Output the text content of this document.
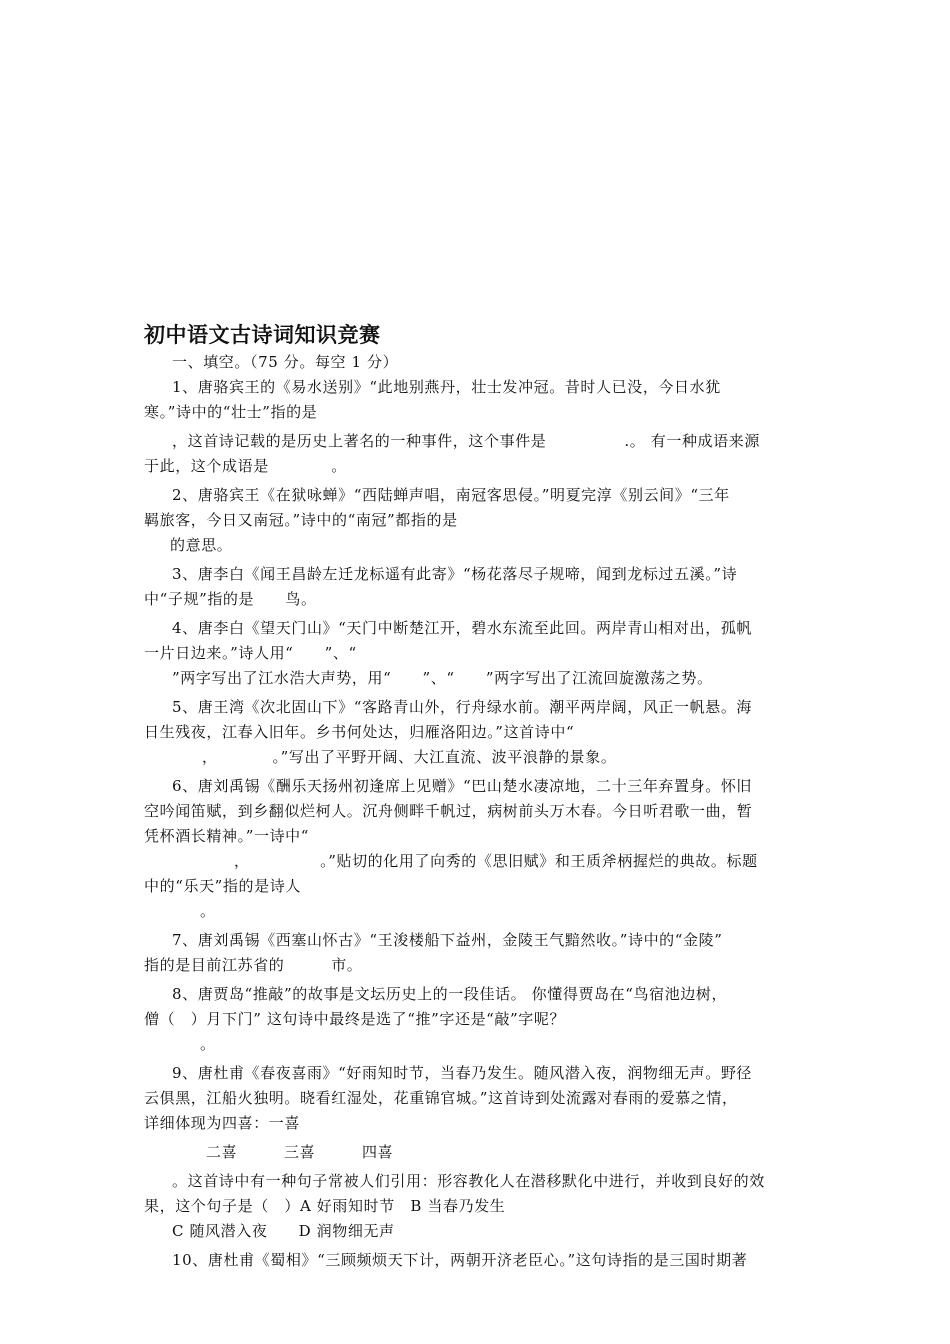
初中语文古诗词知识竞赛
一、填空。（75 分。每空 1 分）
1、唐骆宾王的《易水送别》“此地别燕丹，壮士发冲冠。昔时人已没，今日水犹
寒。”诗中的“壮士”指的是
，这首诗记载的是历史上著名的一种事件，这个事件是　　　　　.。 有一种成语来源
于此，这个成语是　　　　。
2、唐骆宾王《在狱咏蝉》“西陆蝉声唱，南冠客思侵。”明夏完淳《别云间》“三年
羁旅客，今日又南冠。”诗中的“南冠”都指的是
的意思。
3、唐李白《闻王昌龄左迁龙标遥有此寄》“杨花落尽子规啼，闻到龙标过五溪。”诗
中“子规”指的是　　鸟。
4、唐李白《望天门山》“天门中断楚江开，碧水东流至此回。两岸青山相对出，孤帆
一片日边来。”诗人用“　　”、“
”两字写出了江水浩大声势，用“　　”、“　　”两字写出了江流回旋激荡之势。
5、唐王湾《次北固山下》“客路青山外，行舟绿水前。潮平两岸阔，风正一帆悬。海
日生残夜，江春入旧年。乡书何处达，归雁洛阳边。”这首诗中“
，　　　　。”写出了平野开阔、大江直流、波平浪静的景象。
6、唐刘禹锡《酬乐天扬州初逢席上见赠》“巴山楚水凄凉地，二十三年弃置身。怀旧
空吟闻笛赋，到乡翻似烂柯人。沉舟侧畔千帆过，病树前头万木春。今日听君歌一曲，暂
凭杯酒长精神。”一诗中“
，　　　　　。”贴切的化用了向秀的《思旧赋》和王质斧柄握烂的典故。标题
中的“乐天”指的是诗人
。
7、唐刘禹锡《西塞山怀古》“王浚楼船下益州，金陵王气黯然收。”诗中的“金陵”
指的是目前江苏省的　　　市。
8、唐贾岛“推敲”的故事是文坛历史上的一段佳话。 你懂得贾岛在“鸟宿池边树，
僧（　）月下门” 这句诗中最终是选了“推”字还是“敲”字呢？
。
9、唐杜甫《春夜喜雨》“好雨知时节，当春乃发生。随风潜入夜，润物细无声。野径
云俱黑，江船火独明。晓看红湿处，花重锦官城。”这首诗到处流露对春雨的爱慕之情，
详细体现为四喜：一喜
二喜　　　三喜　　　四喜
。这首诗中有一种句子常被人们引用：形容教化人在潜移默化中进行，并收到良好的效
果，这个句子是（　）A 好雨知时节　B 当春乃发生
C 随风潜入夜　　D 润物细无声
10、唐杜甫《蜀相》“三顾频烦天下计，两朝开济老臣心。”这句诗指的是三国时期著
